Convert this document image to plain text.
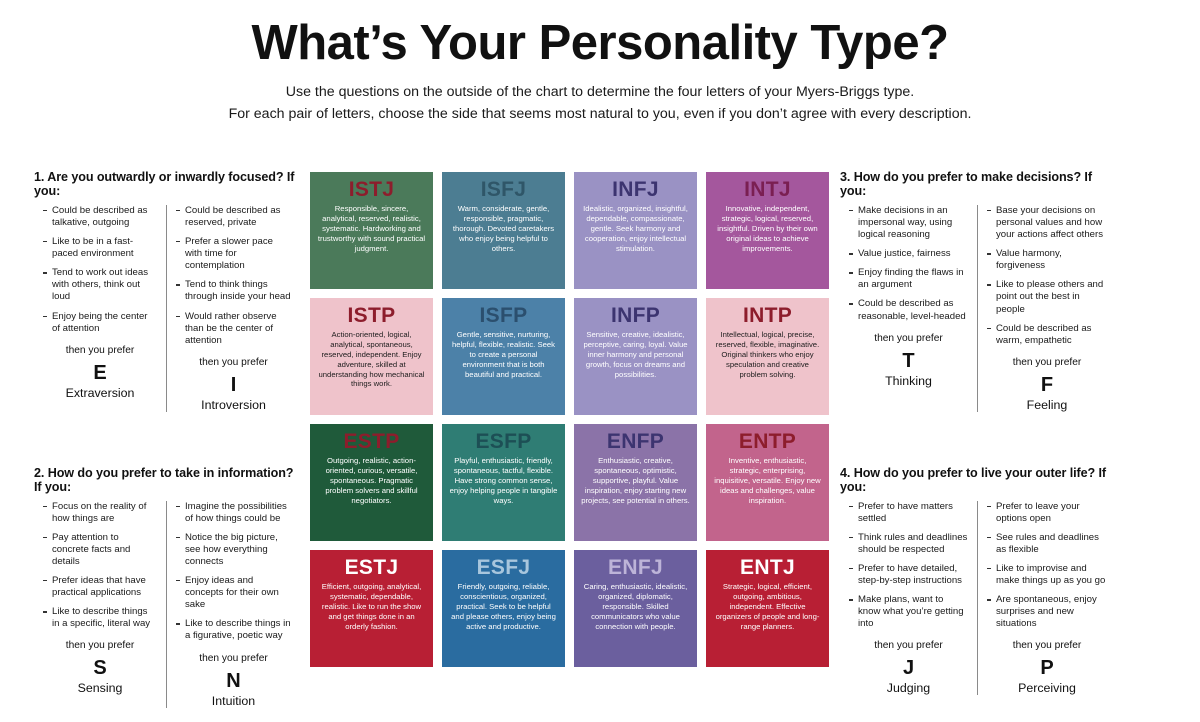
What’s Your Personality Type?
Use the questions on the outside of the chart to determine the four letters of your Myers-Briggs type.
For each pair of letters, choose the side that seems most natural to you, even if you don’t agree with every description.
1. Are you outwardly or inwardly focused? If you:
Could be described as talkative, outgoing
Like to be in a fast-paced environment
Tend to work out ideas with others, think out loud
Enjoy being the center of attention
then you prefer
E
Extraversion
Could be described as reserved, private
Prefer a slower pace with time for contemplation
Tend to think things through inside your head
Would rather observe than be the center of attention
then you prefer
I
Introversion
2. How do you prefer to take in information? If you:
Focus on the reality of how things are
Pay attention to concrete facts and details
Prefer ideas that have practical applications
Like to describe things in a specific, literal way
then you prefer
S
Sensing
Imagine the possibilities of how things could be
Notice the big picture, see how everything connects
Enjoy ideas and concepts for their own sake
Like to describe things in a figurative, poetic way
then you prefer
N
Intuition
ISTJ
Responsible, sincere, analytical, reserved, realistic, systematic. Hardworking and trustworthy with sound practical judgment.
ISFJ
Warm, considerate, gentle, responsible, pragmatic, thorough. Devoted caretakers who enjoy being helpful to others.
INFJ
Idealistic, organized, insightful, dependable, compassionate, gentle. Seek harmony and cooperation, enjoy intellectual stimulation.
INTJ
Innovative, independent, strategic, logical, reserved, insightful. Driven by their own original ideas to achieve improvements.
ISTP
Action-oriented, logical, analytical, spontaneous, reserved, independent. Enjoy adventure, skilled at understanding how mechanical things work.
ISFP
Gentle, sensitive, nurturing, helpful, flexible, realistic. Seek to create a personal environment that is both beautiful and practical.
INFP
Sensitive, creative, idealistic, perceptive, caring, loyal. Value inner harmony and personal growth, focus on dreams and possibilities.
INTP
Intellectual, logical, precise, reserved, flexible, imaginative. Original thinkers who enjoy speculation and creative problem solving.
ESTP
Outgoing, realistic, action-oriented, curious, versatile, spontaneous. Pragmatic problem solvers and skillful negotiators.
ESFP
Playful, enthusiastic, friendly, spontaneous, tactful, flexible. Have strong common sense, enjoy helping people in tangible ways.
ENFP
Enthusiastic, creative, spontaneous, optimistic, supportive, playful. Value inspiration, enjoy starting new projects, see potential in others.
ENTP
Inventive, enthusiastic, strategic, enterprising, inquisitive, versatile. Enjoy new ideas and challenges, value inspiration.
ESTJ
Efficient, outgoing, analytical, systematic, dependable, realistic. Like to run the show and get things done in an orderly fashion.
ESFJ
Friendly, outgoing, reliable, conscientious, organized, practical. Seek to be helpful and please others, enjoy being active and productive.
ENFJ
Caring, enthusiastic, idealistic, organized, diplomatic, responsible. Skilled communicators who value connection with people.
ENTJ
Strategic, logical, efficient, outgoing, ambitious, independent. Effective organizers of people and long-range planners.
3. How do you prefer to make decisions? If you:
Make decisions in an impersonal way, using logical reasoning
Value justice, fairness
Enjoy finding the flaws in an argument
Could be described as reasonable, level-headed
then you prefer
T
Thinking
Base your decisions on personal values and how your actions affect others
Value harmony, forgiveness
Like to please others and point out the best in people
Could be described as warm, empathetic
then you prefer
F
Feeling
4. How do you prefer to live your outer life? If you:
Prefer to have matters settled
Think rules and deadlines should be respected
Prefer to have detailed, step-by-step instructions
Make plans, want to know what you’re getting into
then you prefer
J
Judging
Prefer to leave your options open
See rules and deadlines as flexible
Like to improvise and make things up as you go
Are spontaneous, enjoy surprises and new situations
then you prefer
P
Perceiving
